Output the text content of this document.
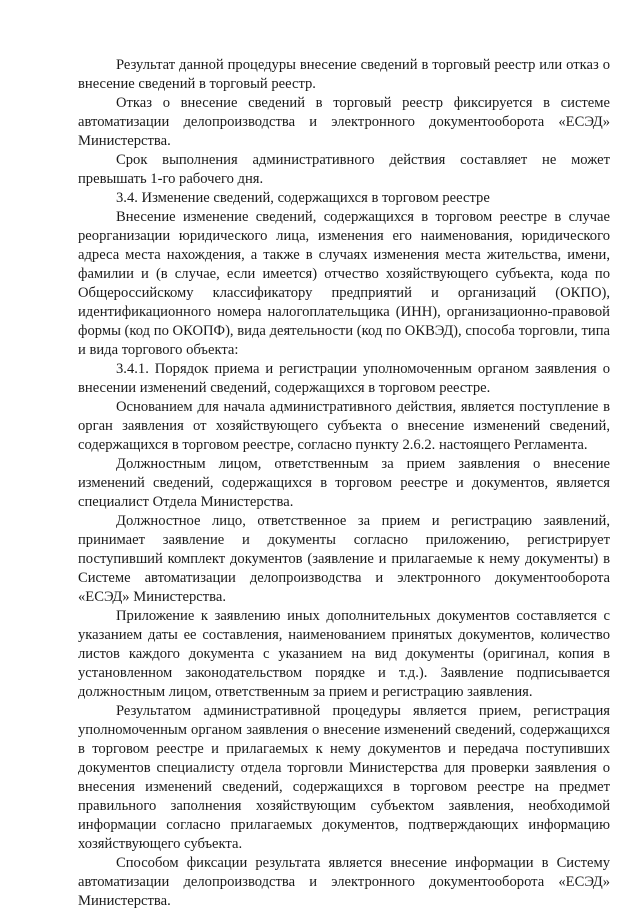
Результат данной процедуры внесение сведений в торговый реестр или отказ о внесение сведений в торговый реестр.

Отказ о внесение сведений в торговый реестр фиксируется в системе автоматизации делопроизводства и электронного документооборота «ЕСЭД» Министерства.

Срок выполнения административного действия составляет не может превышать 1-го рабочего дня.

3.4. Изменение сведений, содержащихся в торговом реестре

Внесение изменение сведений, содержащихся в торговом реестре в случае реорганизации юридического лица, изменения его наименования, юридического адреса места нахождения, а также в случаях изменения места жительства, имени, фамилии и (в случае, если имеется) отчество хозяйствующего субъекта, кода по Общероссийскому классификатору предприятий и организаций (ОКПО), идентификационного номера налогоплательщика (ИНН), организационно-правовой формы (код по ОКОПФ), вида деятельности (код по ОКВЭД), способа торговли, типа и вида торгового объекта:

3.4.1. Порядок приема и регистрации уполномоченным органом заявления о внесении изменений сведений, содержащихся в торговом реестре.

Основанием для начала административного действия, является поступление в орган заявления от хозяйствующего субъекта о внесение изменений сведений, содержащихся в торговом реестре, согласно пункту 2.6.2. настоящего Регламента.

Должностным лицом, ответственным за прием заявления о внесение изменений сведений, содержащихся в торговом реестре и документов, является специалист Отдела Министерства.

Должностное лицо, ответственное за прием и регистрацию заявлений, принимает заявление и документы согласно приложению, регистрирует поступивший комплект документов (заявление и прилагаемые к нему документы) в Системе автоматизации делопроизводства и электронного документооборота «ЕСЭД» Министерства.

Приложение к заявлению иных дополнительных документов составляется с указанием даты ее составления, наименованием принятых документов, количество листов каждого документа с указанием на вид документы (оригинал, копия в установленном законодательством порядке и т.д.). Заявление подписывается должностным лицом, ответственным за прием и регистрацию заявления.

Результатом административной процедуры является прием, регистрация уполномоченным органом заявления о внесение изменений сведений, содержащихся в торговом реестре и прилагаемых к нему документов и передача поступивших документов специалисту отдела торговли Министерства для проверки заявления о внесения изменений сведений, содержащихся в торговом реестре на предмет правильного заполнения хозяйствующим субъектом заявления, необходимой информации согласно прилагаемых документов, подтверждающих информацию хозяйствующего субъекта.

Способом фиксации результата является внесение информации в Систему автоматизации делопроизводства и электронного документооборота «ЕСЭД» Министерства.
